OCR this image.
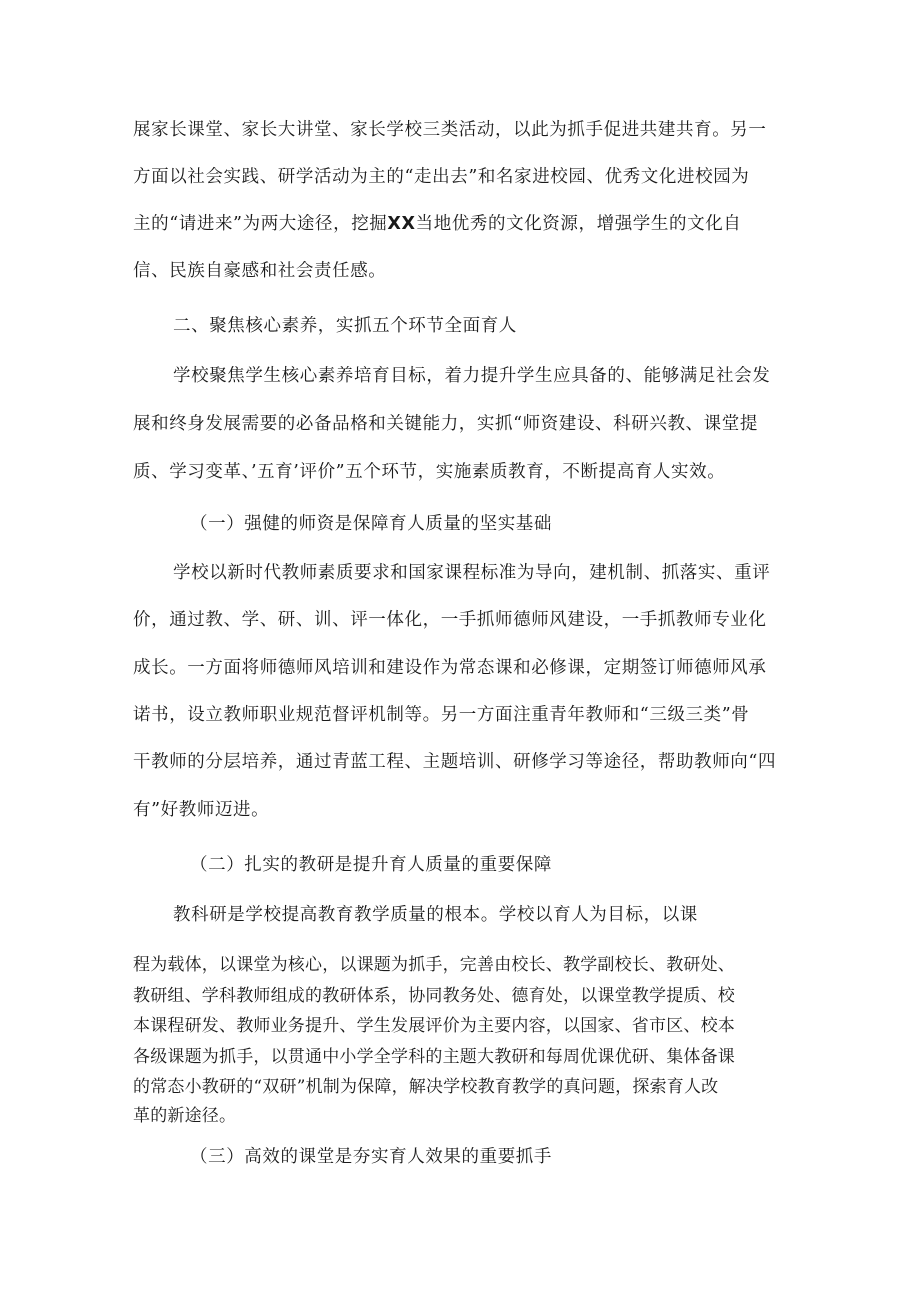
展家长课堂、家长大讲堂、家长学校三类活动，以此为抓手促进共建共育。另一

方面以社会实践、研学活动为主的“走出去”和名家进校园、优秀文化进校园为

主的“请进来”为两大途径，挖掘XX当地优秀的文化资源，增强学生的文化自

信、民族自豪感和社会责任感。

二、聚焦核心素养，实抓五个环节全面育人

学校聚焦学生核心素养培育目标，着力提升学生应具备的、能够满足社会发

展和终身发展需要的必备品格和关键能力，实抓“师资建设、科研兴教、课堂提

质、学习变革、’五育’评价”五个环节，实施素质教育，不断提高育人实效。

（一）强健的师资是保障育人质量的坚实基础

学校以新时代教师素质要求和国家课程标准为导向，建机制、抓落实、重评

价，通过教、学、研、训、评一体化，一手抓师德师风建设，一手抓教师专业化

成长。一方面将师德师风培训和建设作为常态课和必修课，定期签订师德师风承

诺书，设立教师职业规范督评机制等。另一方面注重青年教师和“三级三类”骨

干教师的分层培养，通过青蓝工程、主题培训、研修学习等途径，帮助教师向“四

有”好教师迈进。

（二）扎实的教研是提升育人质量的重要保障

教科研是学校提高教育教学质量的根本。学校以育人为目标，以课

程为载体，以课堂为核心，以课题为抓手，完善由校长、教学副校长、教研处、

教研组、学科教师组成的教研体系，协同教务处、德育处，以课堂教学提质、校

本课程研发、教师业务提升、学生发展评价为主要内容，以国家、省市区、校本

各级课题为抓手，以贯通中小学全学科的主题大教研和每周优课优研、集体备课

的常态小教研的“双研”机制为保障，解决学校教育教学的真问题，探索育人改

革的新途径。

（三）高效的课堂是夯实育人效果的重要抓手
